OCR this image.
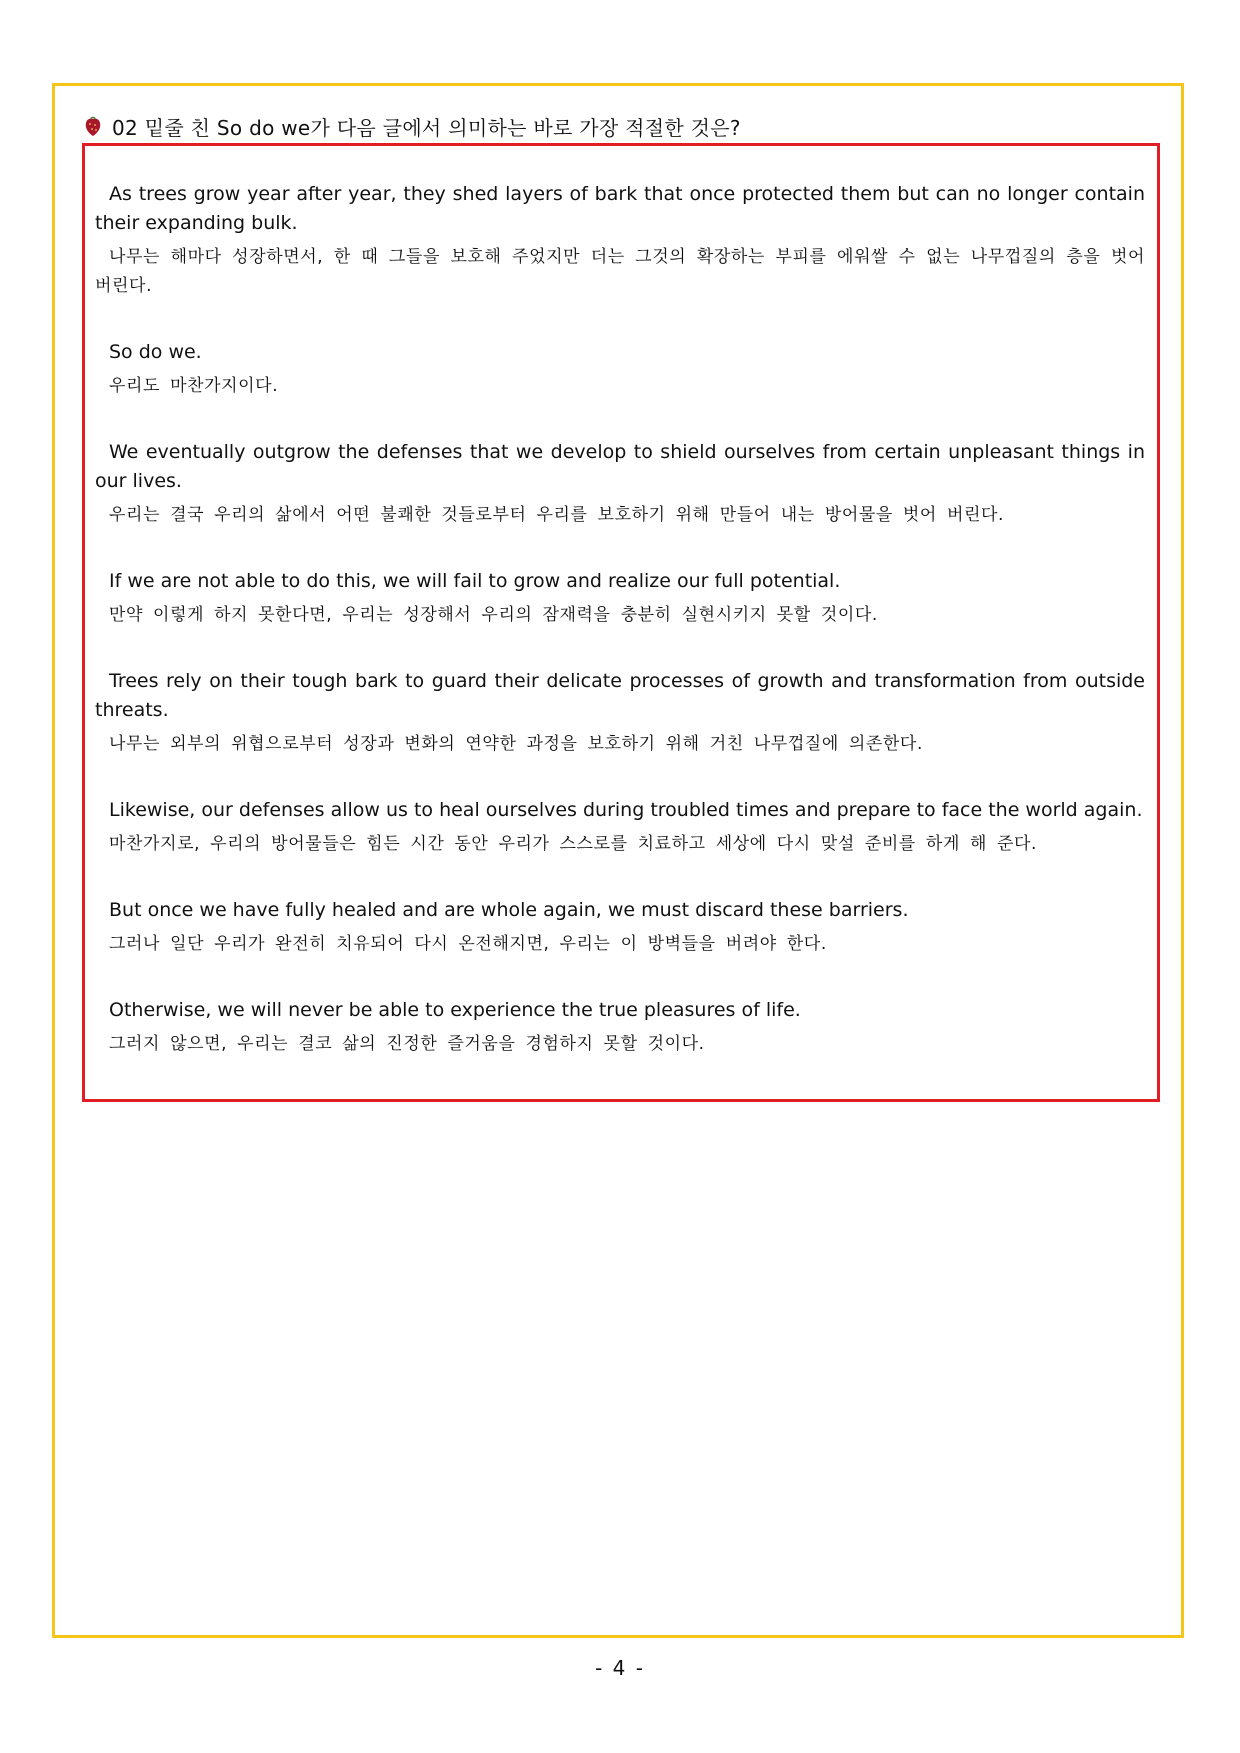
02 밑줄 친 So do we가 다음 글에서 의미하는 바로 가장 적절한 것은?

As trees grow year after year, they shed layers of bark that once protected them but can no longer contain their expanding bulk.

나무는 해마다 성장하면서, 한 때 그들을 보호해 주었지만 더는 그것의 확장하는 부피를 에워쌀 수 없는 나무껍질의 층을 벗어 버린다.

So do we.

우리도 마찬가지이다.

We eventually outgrow the defenses that we develop to shield ourselves from certain unpleasant things in our lives.

우리는 결국 우리의 삶에서 어떤 불쾌한 것들로부터 우리를 보호하기 위해 만들어 내는 방어물을 벗어 버린다.

If we are not able to do this, we will fail to grow and realize our full potential.

만약 이렇게 하지 못한다면, 우리는 성장해서 우리의 잠재력을 충분히 실현시키지 못할 것이다.

Trees rely on their tough bark to guard their delicate processes of growth and transformation from outside threats.

나무는 외부의 위협으로부터 성장과 변화의 연약한 과정을 보호하기 위해 거친 나무껍질에 의존한다.

Likewise, our defenses allow us to heal ourselves during troubled times and prepare to face the world again.

마찬가지로, 우리의 방어물들은 힘든 시간 동안 우리가 스스로를 치료하고 세상에 다시 맞설 준비를 하게 해 준다.

But once we have fully healed and are whole again, we must discard these barriers.

그러나 일단 우리가 완전히 치유되어 다시 온전해지면, 우리는 이 방벽들을 버려야 한다.

Otherwise, we will never be able to experience the true pleasures of life.

그러지 않으면, 우리는 결코 삶의 진정한 즐거움을 경험하지 못할 것이다.

- 4 -
